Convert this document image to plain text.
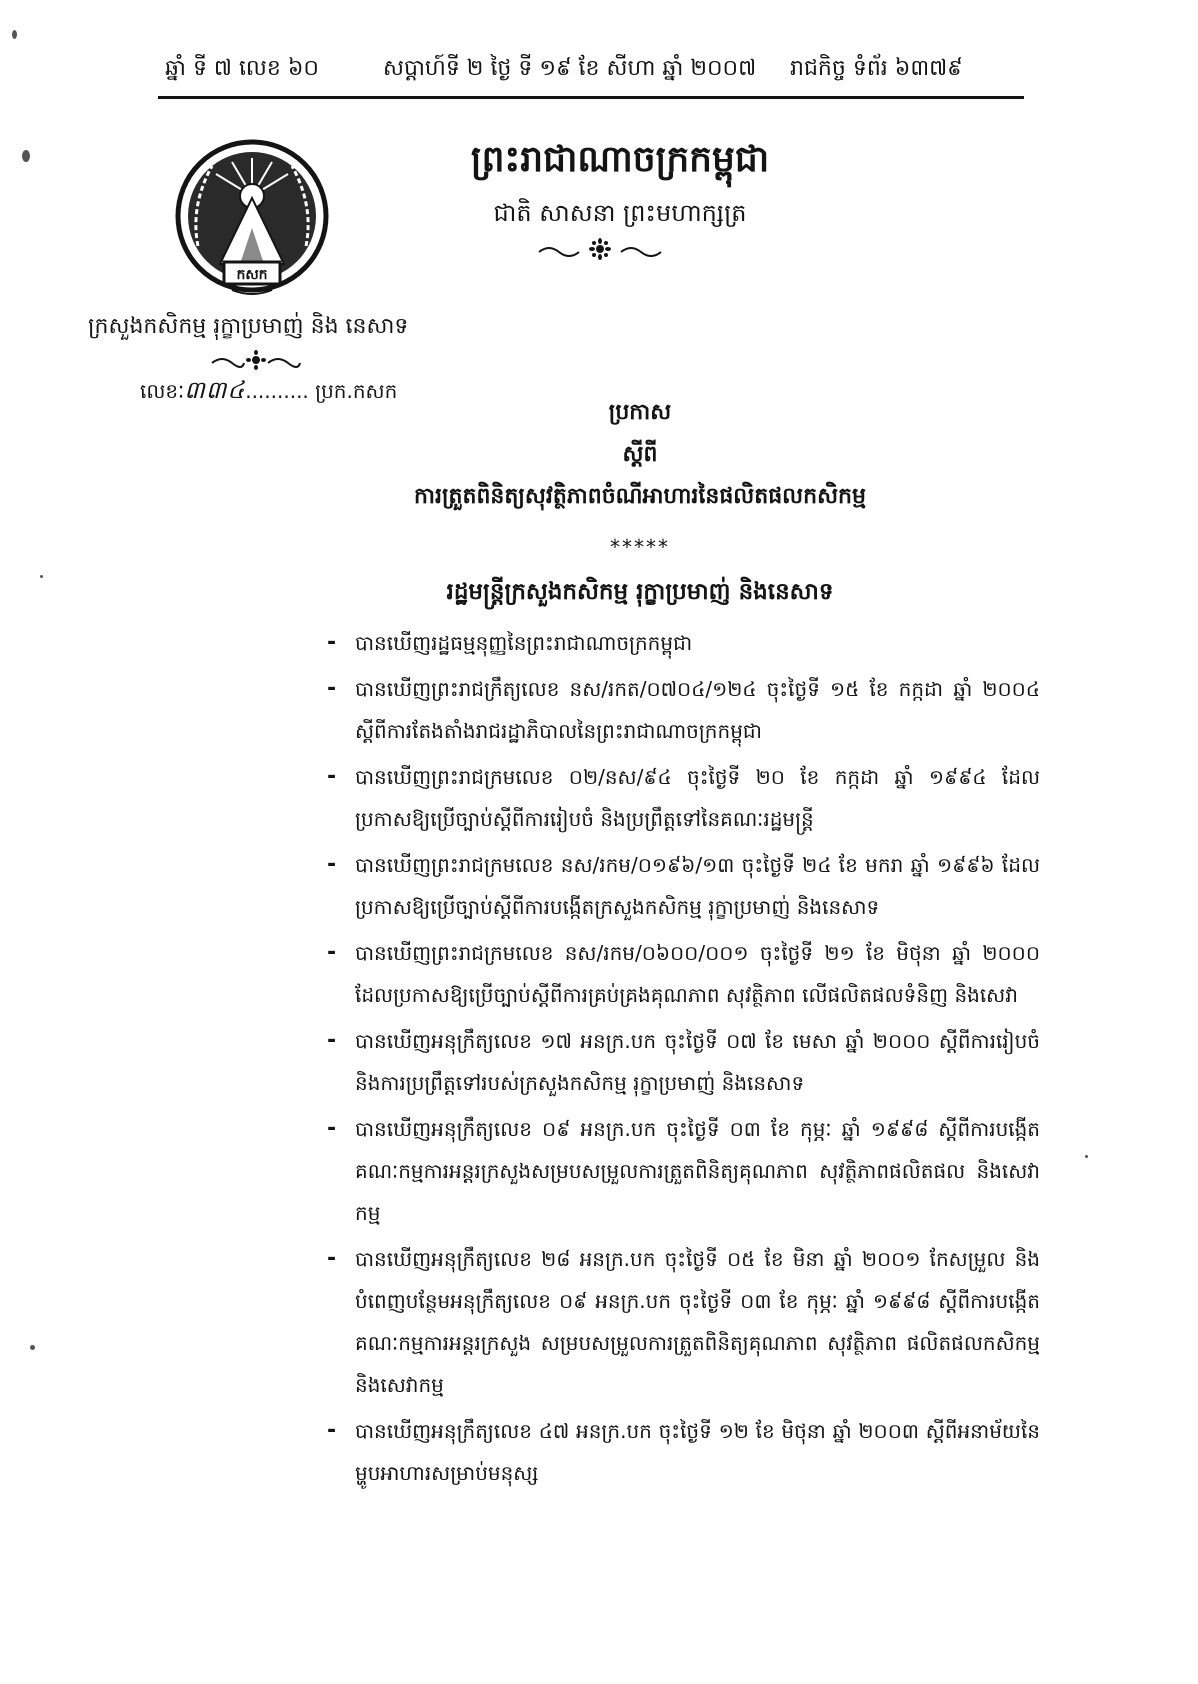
ឆ្នាំ ទី ៧ លេខ ៦០	សប្តាហ៍ទី ២ ថ្ងៃ ទី ១៩ ខែ សីហា ឆ្នាំ ២០០៧ រាជកិច្ច ទំព័រ ៦៣៧៩
កសក
ព្រះរាជាណាចក្រកម្ពុជា
ជាតិ សាសនា ព្រះមហាក្សត្រ
ក្រសួងកសិកម្ម រុក្ខាប្រមាញ់ និង នេសាទ
លេខៈ៣៣៤.......... ប្រក.កសក
ប្រកាស
ស្តីពី
ការត្រួតពិនិត្យសុវត្ថិភាពចំណីអាហារនៃផលិតផលកសិកម្ម
*****
រដ្ឋមន្ត្រីក្រសួងកសិកម្ម រុក្ខាប្រមាញ់ និងនេសាទ
- បានឃើញរដ្ឋធម្មនុញ្ញនៃព្រះរាជាណាចក្រកម្ពុជា
- បានឃើញព្រះរាជក្រឹត្យលេខ នស/រកត/០៧០៤/១២៤ ចុះថ្ងៃទី ១៥ ខែ កក្កដា ឆ្នាំ ២០០៤ ស្តីពីការតែងតាំងរាជរដ្ឋាភិបាលនៃព្រះរាជាណាចក្រកម្ពុជា
- បានឃើញព្រះរាជក្រមលេខ ០២/នស/៩៤ ចុះថ្ងៃទី ២០ ខែ កក្កដា ឆ្នាំ ១៩៩៤ ដែលប្រកាសឱ្យប្រើច្បាប់ស្តីពីការរៀបចំ និងប្រព្រឹត្តទៅនៃគណៈរដ្ឋមន្ត្រី
- បានឃើញព្រះរាជក្រមលេខ នស/រកម/០១៩៦/១៣ ចុះថ្ងៃទី ២៤ ខែ មករា ឆ្នាំ ១៩៩៦ ដែលប្រកាសឱ្យប្រើច្បាប់ស្តីពីការបង្កើតក្រសួងកសិកម្ម រុក្ខាប្រមាញ់ និងនេសាទ
- បានឃើញព្រះរាជក្រមលេខ នស/រកម/០៦០០/០០១ ចុះថ្ងៃទី ២១ ខែ មិថុនា ឆ្នាំ ២០០០ ដែលប្រកាសឱ្យប្រើច្បាប់ស្តីពីការគ្រប់គ្រងគុណភាព សុវត្ថិភាព លើផលិតផលទំនិញ និងសេវា
- បានឃើញអនុក្រឹត្យលេខ ១៧ អនក្រ.បក ចុះថ្ងៃទី ០៧ ខែ មេសា ឆ្នាំ ២០០០ ស្តីពីការរៀបចំ និងការប្រព្រឹត្តទៅរបស់ក្រសួងកសិកម្ម រុក្ខាប្រមាញ់ និងនេសាទ
- បានឃើញអនុក្រឹត្យលេខ ០៩ អនក្រ.បក ចុះថ្ងៃទី ០៣ ខែ កុម្ភៈ ឆ្នាំ ១៩៩៨ ស្តីពីការបង្កើតគណៈកម្មការអន្តរក្រសួងសម្របសម្រួលការត្រួតពិនិត្យគុណភាព សុវត្ថិភាពផលិតផល និងសេវាកម្ម
- បានឃើញអនុក្រឹត្យលេខ ២៨ អនក្រ.បក ចុះថ្ងៃទី ០៥ ខែ មិនា ឆ្នាំ ២០០១ កែសម្រួល និងបំពេញបន្ថែមអនុក្រឹត្យលេខ ០៩ អនក្រ.បក ចុះថ្ងៃទី ០៣ ខែ កុម្ភៈ ឆ្នាំ ១៩៩៨ ស្តីពីការបង្កើតគណៈកម្មការអន្តរក្រសួង សម្របសម្រួលការត្រួតពិនិត្យគុណភាព សុវត្ថិភាព ផលិតផលកសិកម្ម និងសេវាកម្ម
- បានឃើញអនុក្រឹត្យលេខ ៤៧ អនក្រ.បក ចុះថ្ងៃទី ១២ ខែ មិថុនា ឆ្នាំ ២០០៣ ស្តីពីអនាម័យនៃម្ហូបអាហារសម្រាប់មនុស្ស
